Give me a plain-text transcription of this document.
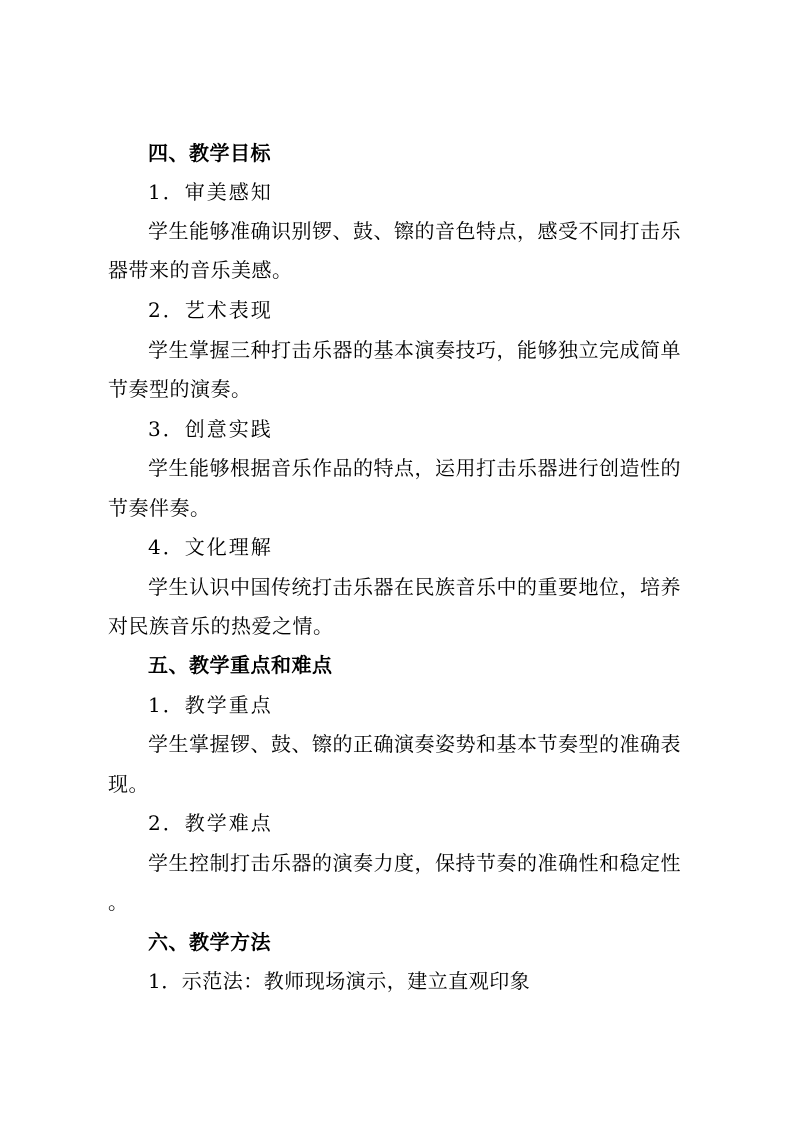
四、教学目标
1．审美感知
学生能够准确识别锣、鼓、镲的音色特点，感受不同打击乐
器带来的音乐美感。
2．艺术表现
学生掌握三种打击乐器的基本演奏技巧，能够独立完成简单
节奏型的演奏。
3．创意实践
学生能够根据音乐作品的特点，运用打击乐器进行创造性的
节奏伴奏。
4．文化理解
学生认识中国传统打击乐器在民族音乐中的重要地位，培养
对民族音乐的热爱之情。
五、教学重点和难点
1．教学重点
学生掌握锣、鼓、镲的正确演奏姿势和基本节奏型的准确表
现。
2．教学难点
学生控制打击乐器的演奏力度，保持节奏的准确性和稳定性
。
六、教学方法
1．示范法：教师现场演示，建立直观印象
